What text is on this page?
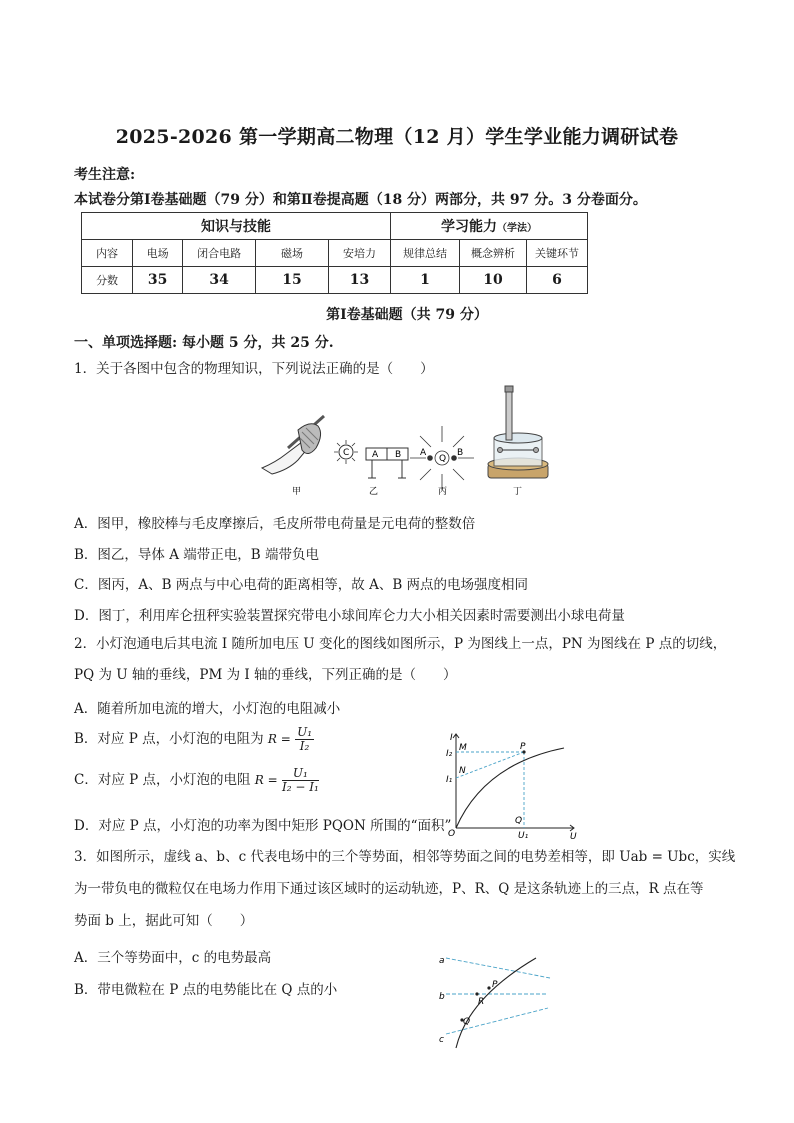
2025-2026 第一学期高二物理（12 月）学生学业能力调研试卷
考生注意:
本试卷分第Ⅰ卷基础题（79 分）和第Ⅱ卷提高题（18 分）两部分，共 97 分。3 分卷面分。
知识与技能					学习能力（学法）		
内容	电场	闭合电路	磁场	安培力	规律总结	概念辨析	关键环节
分数	35	34	15	13	1	10	6
第Ⅰ卷基础题（共 79 分）
一、单项选择题: 每小题 5 分，共 25 分.
1．关于各图中包含的物理知识，下列说法正确的是（　　）
甲
C	A B
乙
Q
A	B
丙	丁
A．图甲，橡胶棒与毛皮摩擦后，毛皮所带电荷量是元电荷的整数倍
B．图乙，导体 A 端带正电，B 端带负电
C．图丙，A、B 两点与中心电荷的距离相等，故 A、B 两点的电场强度相同
D．图丁，利用库仑扭秤实验装置探究带电小球间库仑力大小相关因素时需要测出小球电荷量
2．小灯泡通电后其电流 I 随所加电压 U 变化的图线如图所示，P 为图线上一点，PN 为图线在 P 点的切线，
PQ 为 U 轴的垂线，PM 为 I 轴的垂线，下列正确的是（　　）
A．随着所加电流的增大，小灯泡的电阻减小
B．对应 P 点，小灯泡的电阻为 $R = \frac{\text{U₁}}{\text{I₂}}$
C．对应 P 点，小灯泡的电阻 $R = \frac{\text{U₁}}{\text{I₂ − I₁}}$
D．对应 P 点，小灯泡的功率为图中矩形 PQON 所围的“面积”
I
U
O
M
N
P
Q
I₁
I₂
U₁
3．如图所示，虚线 a、b、c 代表电场中的三个等势面，相邻等势面之间的电势差相等，即 Uab = Ubc，实线
为一带负电的微粒仅在电场力作用下通过该区域时的运动轨迹，P、R、Q 是这条轨迹上的三点，R 点在等
势面 b 上，据此可知（　　）
A．三个等势面中，c 的电势最高
B．带电微粒在 P 点的电势能比在 Q 点的小
a
b
c
P
R
Q
